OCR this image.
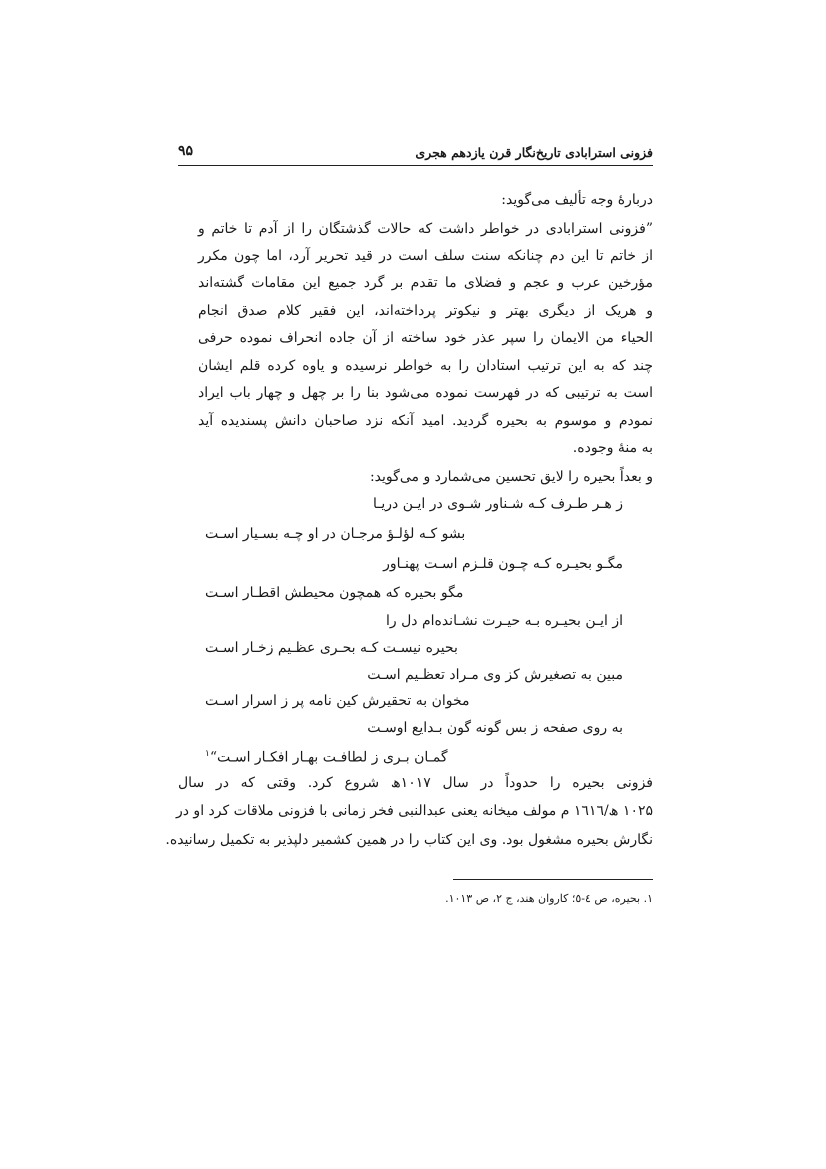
فزونی استرابادی تاریخ‌نگار قرن یازدهم هجری
۹۵
دربارهٔ وجه تألیف می‌گوید:
”فزونی استرابادی در خواطر داشت که حالات گذشتگان را از آدم تا خاتم و
از خاتم تا این دم چنانکه سنت سلف است در قید تحریر آرد، اما چون مکرر
مؤرخین عرب و عجم و فضلای ما تقدم بر گرد جمیع این مقامات گشته‌اند
و هریک از دیگری بهتر و نیکوتر پرداخته‌اند، این فقیر کلام صدق انجام
الحیاء من الایمان را سپر عذر خود ساخته از آن جاده انحراف نموده حرفی
چند که به این ترتیب استادان را به خواطر نرسیده و یاوه کرده قلم ایشان
است به ترتیبی که در فهرست نموده می‌شود بنا را بر چهل و چهار باب ایراد
نمودم و موسوم به بحیره گردید. امید آنکه نزد صاحبان دانش پسندیده آید
به منهٔ وجوده.
و بعداً بحیره را لایق تحسین می‌شمارد و می‌گوید:
ز هـر طـرف کـه شـناور شـوی در ایـن دریـا
بشو کـه لؤلـؤ مرجـان در او چـه بسـیار اسـت
مگـو بحیـره کـه چـون قلـزم اسـت پهنـاور
مگو بحیره که همچون محیطش اقطـار اسـت
از ایـن بحیـره بـه حیـرت نشـاندەام دل را
بحیره نیسـت کـه بحـری عظـیم زخـار اسـت
مبین به تصغیرش کز وی مـراد تعظـیم اسـت
مخوان به تحقیرش کین نامه پر ز اسرار اسـت
به روی صفحه ز بس گونه گون بـدایع اوسـت
گمـان بـری ز لطافـت بهـار افکـار اسـت“$^۱$
فزونی بحیره را حدوداً در سال ۱۰۱۷ھ شروع کرد. وقتی که در سال
۱۰۲۵ ھ/۱٦۱٦ م مولف میخانه یعنی عبدالنبی فخر زمانی با فزونی ملاقات کرد او در
نگارش بحیره مشغول بود. وی این کتاب را در همین کشمیر دلپذیر به تکمیل رسانیده.
۱. بحیره، ص ٤-٥؛ کاروان هند، ج ۲، ص ۱۰۱۳.
